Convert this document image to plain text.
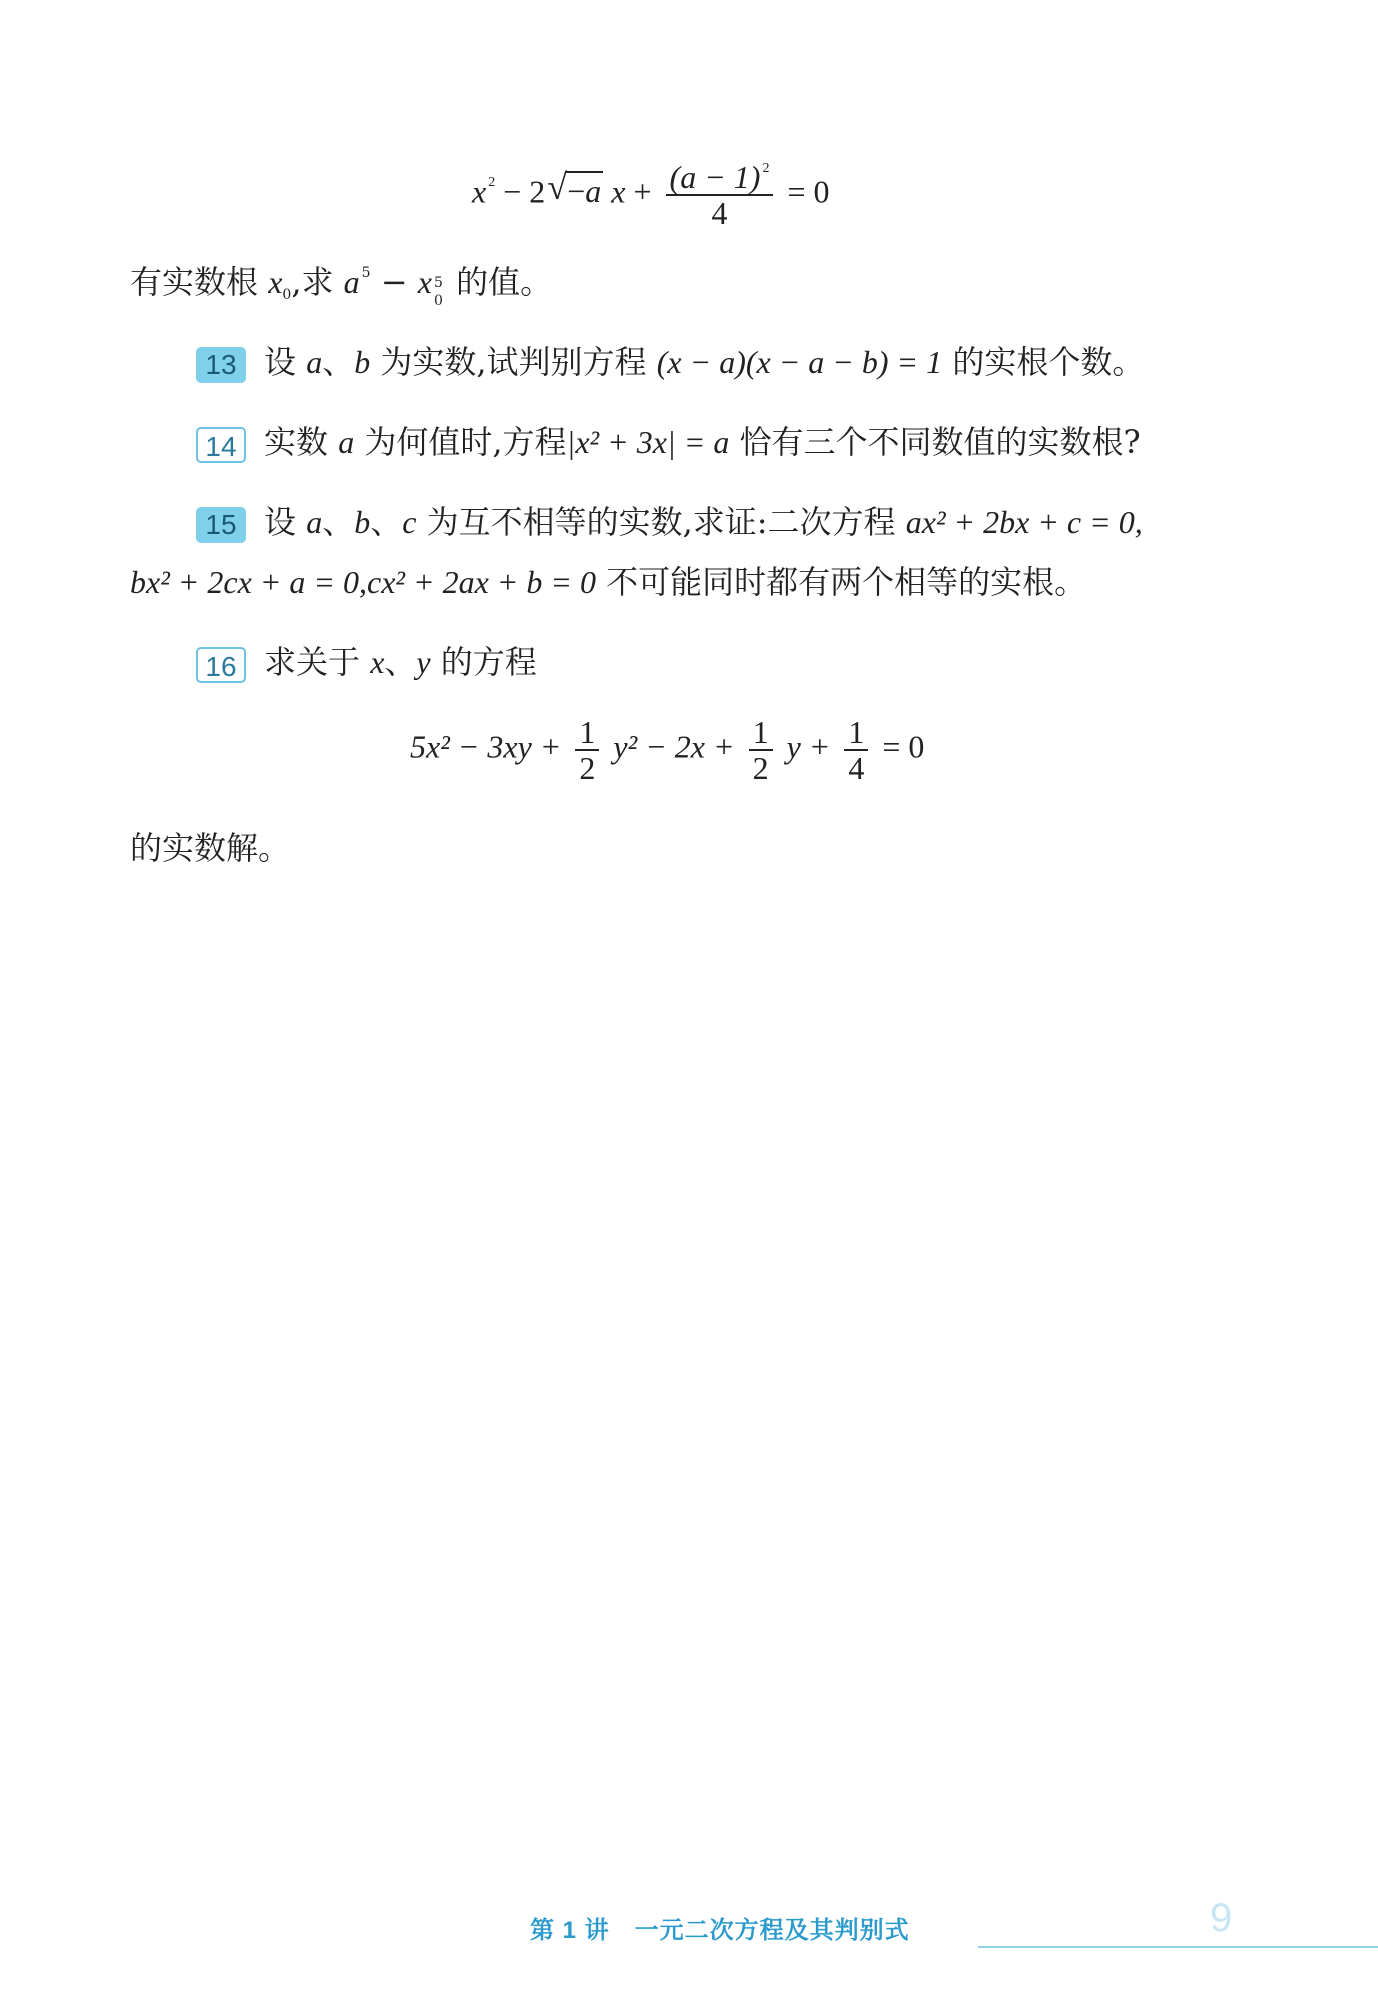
x $^2$ − 2 √ −a $x + \frac{(a - 1) ^2}{4} = 0$
有实数根 $x_0$,求 a $^5$ − x 5
0 的值。
13 设 a、b 为实数,试判别方程 (x − a)(x − a − b) = 1 的实根个数。
14 实数 a 为何值时,方程|x² + 3x| = a 恰有三个不同数值的实数根?
15 设 a、b、c 为互不相等的实数,求证:二次方程 ax² + 2bx + c = 0,
bx² + 2cx + a = 0,cx² + 2ax + b = 0 不可能同时都有两个相等的实根。
16 求关于 x、y 的方程
$5x^2 - 3xy + \frac{1}{2} y^2 - 2x + \frac{1}{2}$ $y + \frac{1}{4} = 0$
的实数解。
第 1 讲　一元二次方程及其判别式	9
